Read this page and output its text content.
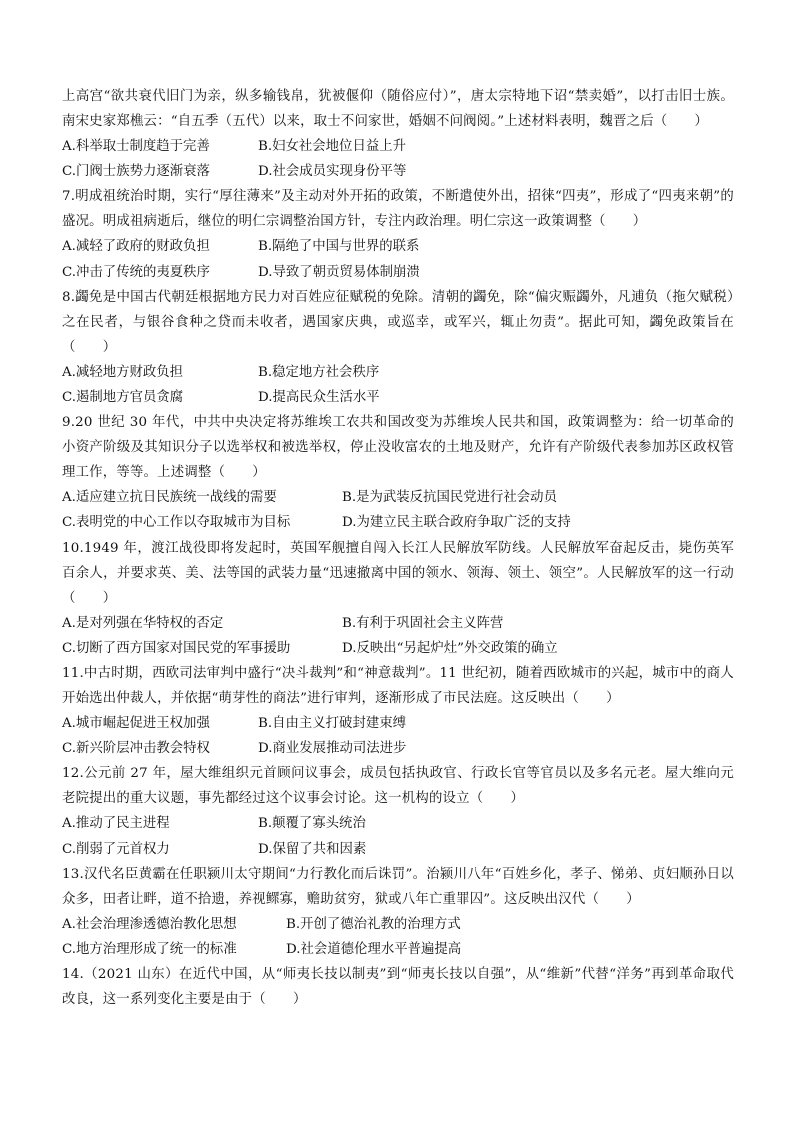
上高宫“欲共衰代旧门为亲，纵多输钱帛，犹被偃仰（随俗应付）”，唐太宗特地下诏“禁卖婚”，以打击旧士族。南宋史家郑樵云：“自五季（五代）以来，取士不问家世，婚姻不问阀阅。”上述材料表明，魏晋之后（　　）

A.科举取士制度趋于完善	B.妇女社会地位日益上升
C.门阀士族势力逐渐衰落	D.社会成员实现身份平等

7.明成祖统治时期，实行“厚往薄来”及主动对外开拓的政策，不断遣使外出，招徕“四夷”，形成了“四夷来朝”的盛况。明成祖病逝后，继位的明仁宗调整治国方针，专注内政治理。明仁宗这一政策调整（　　）

A.减轻了政府的财政负担	B.隔绝了中国与世界的联系
C.冲击了传统的夷夏秩序	D.导致了朝贡贸易体制崩溃

8.蠲免是中国古代朝廷根据地方民力对百姓应征赋税的免除。清朝的蠲免，除“偏灾赈蠲外，凡逋负（拖欠赋税）之在民者，与银谷食种之贷而未收者，遇国家庆典，或巡幸，或军兴，辄止勿责”。据此可知，蠲免政策旨在（　　）

A.减轻地方财政负担	B.稳定地方社会秩序
C.遏制地方官员贪腐	D.提高民众生活水平

9.20 世纪 30 年代，中共中央决定将苏维埃工农共和国改变为苏维埃人民共和国，政策调整为：给一切革命的小资产阶级及其知识分子以选举权和被选举权，停止没收富农的土地及财产，允许有产阶级代表参加苏区政权管理工作，等等。上述调整（　　）

A.适应建立抗日民族统一战线的需要	B.是为武装反抗国民党进行社会动员
C.表明党的中心工作以夺取城市为目标	D.为建立民主联合政府争取广泛的支持

10.1949 年，渡江战役即将发起时，英国军舰擅自闯入长江人民解放军防线。人民解放军奋起反击，毙伤英军百余人，并要求英、美、法等国的武装力量“迅速撤离中国的领水、领海、领土、领空”。人民解放军的这一行动（　　）

A.是对列强在华特权的否定	B.有利于巩固社会主义阵营
C.切断了西方国家对国民党的军事援助	D.反映出“另起炉灶”外交政策的确立

11.中古时期，西欧司法审判中盛行“决斗裁判”和“神意裁判”。11 世纪初，随着西欧城市的兴起，城市中的商人开始选出仲裁人，并依据“萌芽性的商法”进行审判，逐渐形成了市民法庭。这反映出（　　）

A.城市崛起促进王权加强	B.自由主义打破封建束缚
C.新兴阶层冲击教会特权	D.商业发展推动司法进步

12.公元前 27 年，屋大维组织元首顾问议事会，成员包括执政官、行政长官等官员以及多名元老。屋大维向元老院提出的重大议题，事先都经过这个议事会讨论。这一机构的设立（　　）

A.推动了民主进程	B.颠覆了寡头统治
C.削弱了元首权力	D.保留了共和因素

13.汉代名臣黄霸在任职颍川太守期间“力行教化而后诛罚”。治颍川八年“百姓乡化，孝子、悌弟、贞妇顺孙日以众多，田者让畔，道不拾遗，养视鳏寡，赡助贫穷，狱或八年亡重罪囚”。这反映出汉代（　　）

A.社会治理渗透德治教化思想	B.开创了德治礼教的治理方式
C.地方治理形成了统一的标准	D.社会道德伦理水平普遍提高

14.（2021 山东）在近代中国，从“师夷长技以制夷”到“师夷长技以自强”，从“维新”代替“洋务”再到革命取代改良，这一系列变化主要是由于（　　）
